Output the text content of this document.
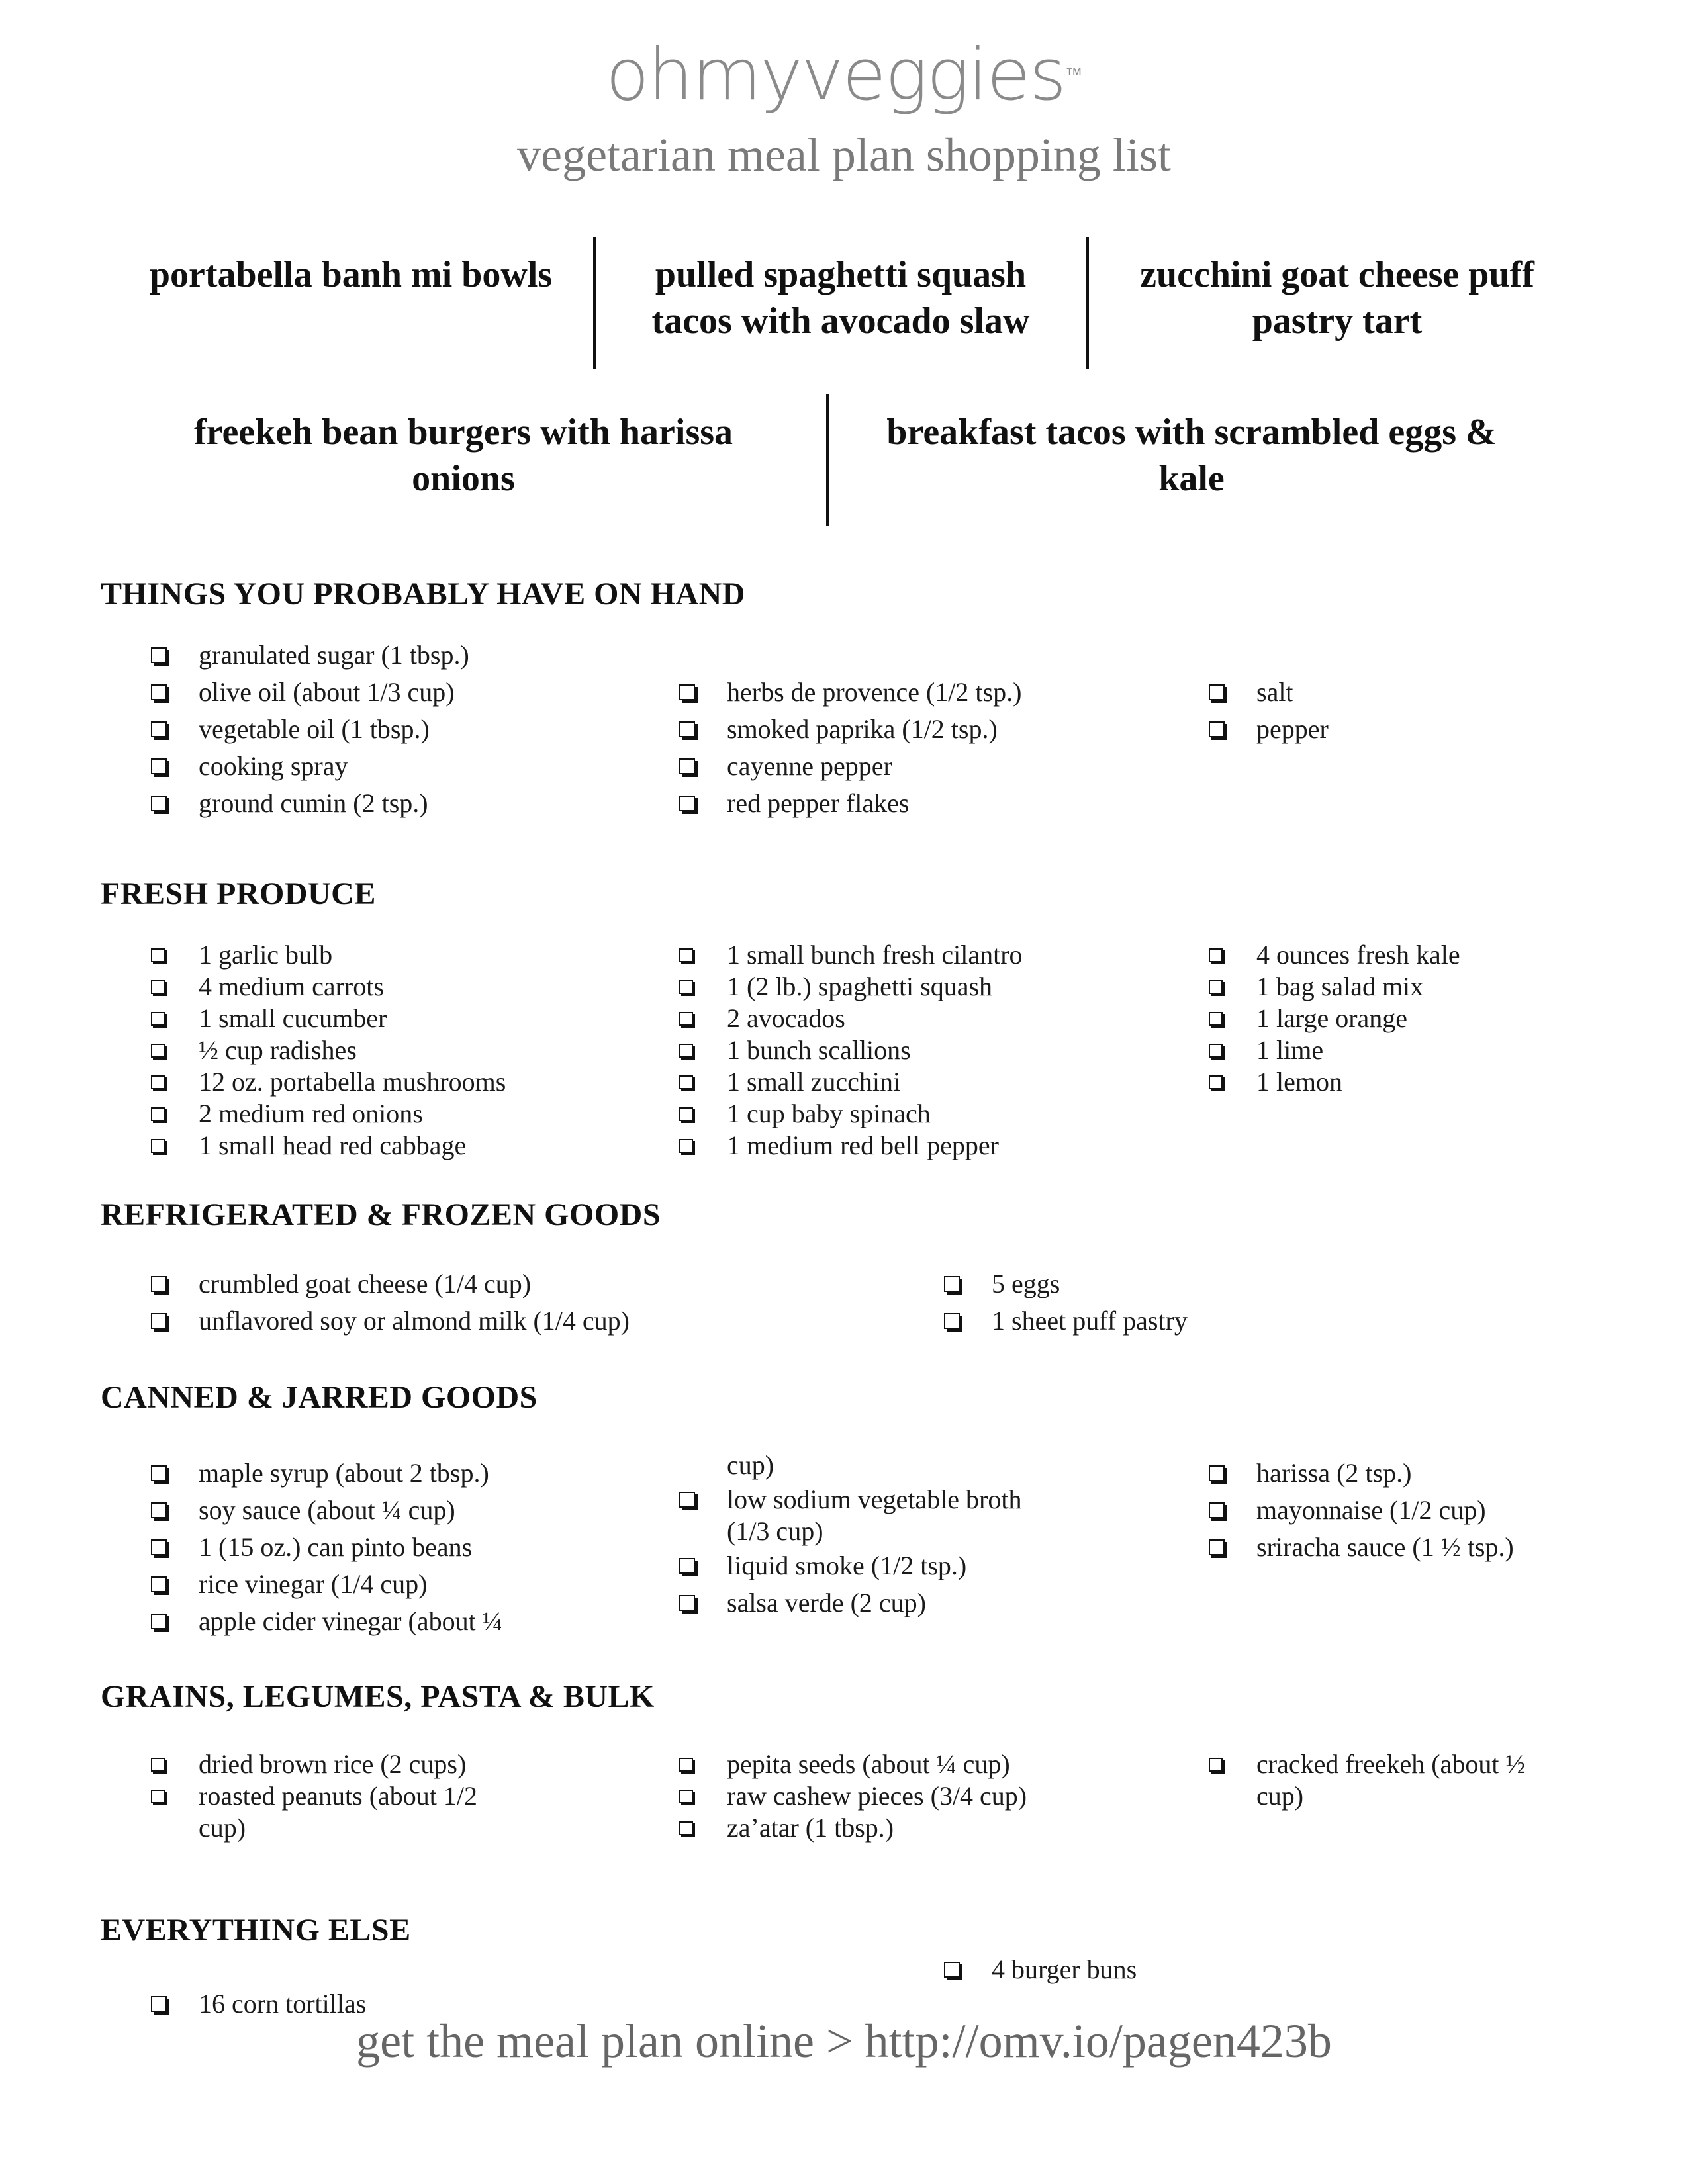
ohmyveggies™
vegetarian meal plan shopping list
portabella banh mi bowls	pulled spaghetti squash tacos with avocado slaw
zucchini goat cheese puff pastry tart
freekeh bean burgers with harissa onions
breakfast tacos with scrambled eggs & kale
THINGS YOU PROBABLY HAVE ON HAND
granulated sugar (1 tbsp.)
olive oil (about 1/3 cup)
vegetable oil (1 tbsp.)
cooking spray
ground cumin (2 tsp.)
herbs de provence (1/2 tsp.)
smoked paprika (1/2 tsp.)
cayenne pepper
red pepper flakes
salt
pepper
FRESH PRODUCE
1 garlic bulb
4 medium carrots
1 small cucumber
½ cup radishes
12 oz. portabella mushrooms
2 medium red onions
1 small head red cabbage
1 small bunch fresh cilantro
1 (2 lb.) spaghetti squash
2 avocados
1 bunch scallions
1 small zucchini
1 cup baby spinach
1 medium red bell pepper
4 ounces fresh kale
1 bag salad mix
1 large orange
1 lime
1 lemon
REFRIGERATED & FROZEN GOODS
crumbled goat cheese (1/4 cup)
unflavored soy or almond milk (1/4 cup)
5 eggs
1 sheet puff pastry
CANNED & JARRED GOODS
maple syrup (about 2 tbsp.)
soy sauce (about ¼ cup)
1 (15 oz.) can pinto beans
rice vinegar (1/4 cup)
apple cider vinegar (about ¼
cup)
low sodium vegetable broth
(1/3 cup)
liquid smoke (1/2 tsp.)
salsa verde (2 cup)
harissa (2 tsp.)
mayonnaise (1/2 cup)
sriracha sauce (1 ½ tsp.)
GRAINS, LEGUMES, PASTA & BULK
dried brown rice (2 cups)
roasted peanuts (about 1/2
cup)
pepita seeds (about ¼ cup)
raw cashew pieces (3/4 cup)
za’atar (1 tbsp.)
cracked freekeh (about ½
cup)
EVERYTHING ELSE
4 burger buns
16 corn tortillas
get the meal plan online > http://omv.io/pagen423b
